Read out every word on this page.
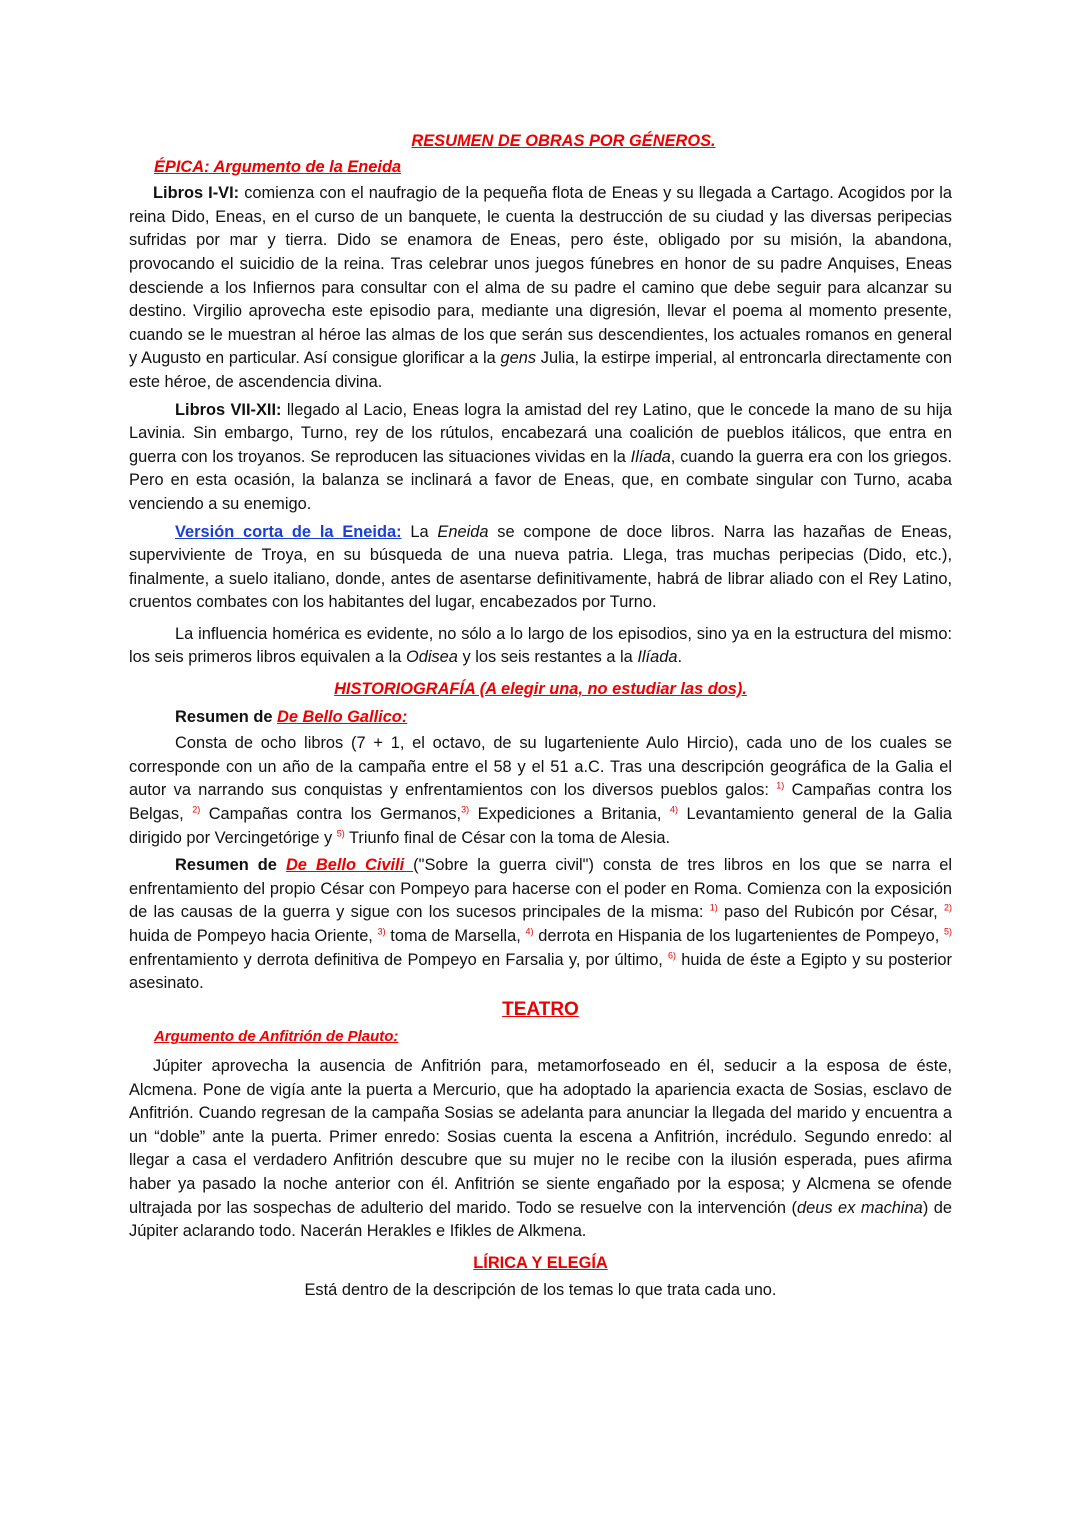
RESUMEN DE OBRAS POR GÉNEROS.

ÉPICA: Argumento de la Eneida

Libros I-VI: comienza con el naufragio de la pequeña flota de Eneas y su llegada a Cartago. Acogidos por la reina Dido, Eneas, en el curso de un banquete, le cuenta la destrucción de su ciudad y las diversas peripecias sufridas por mar y tierra. Dido se enamora de Eneas, pero éste, obligado por su misión, la abandona, provocando el suicidio de la reina. Tras celebrar unos juegos fúnebres en honor de su padre Anquises, Eneas desciende a los Infiernos para consultar con el alma de su padre el camino que debe seguir para alcanzar su destino. Virgilio aprovecha este episodio para, mediante una digresión, llevar el poema al momento presente, cuando se le muestran al héroe las almas de los que serán sus descendientes, los actuales romanos en general y Augusto en particular. Así consigue glorificar a la gens Julia, la estirpe imperial, al entroncarla directamente con este héroe, de ascendencia divina.

Libros VII-XII: llegado al Lacio, Eneas logra la amistad del rey Latino, que le concede la mano de su hija Lavinia. Sin embargo, Turno, rey de los rútulos, encabezará una coalición de pueblos itálicos, que entra en guerra con los troyanos. Se reproducen las situaciones vividas en la Ilíada, cuando la guerra era con los griegos. Pero en esta ocasión, la balanza se inclinará a favor de Eneas, que, en combate singular con Turno, acaba venciendo a su enemigo.

Versión corta de la Eneida: La Eneida se compone de doce libros. Narra las hazañas de Eneas, superviviente de Troya, en su búsqueda de una nueva patria. Llega, tras muchas peripecias (Dido, etc.), finalmente, a suelo italiano, donde, antes de asentarse definitivamente, habrá de librar aliado con el Rey Latino, cruentos combates con los habitantes del lugar, encabezados por Turno.

La influencia homérica es evidente, no sólo a lo largo de los episodios, sino ya en la estructura del mismo: los seis primeros libros equivalen a la Odisea y los seis restantes a la Ilíada.

HISTORIOGRAFÍA (A elegir una, no estudiar las dos).

Resumen de De Bello Gallico:

Consta de ocho libros (7 + 1, el octavo, de su lugarteniente Aulo Hircio), cada uno de los cuales se corresponde con un año de la campaña entre el 58 y el 51 a.C. Tras una descripción geográfica de la Galia el autor va narrando sus conquistas y enfrentamientos con los diversos pueblos galos: $^{1)}$ Campañas contra los Belgas, $^{2)}$ Campañas contra los Germanos,$^{3)}$ Expediciones a Britania, $^{4)}$ Levantamiento general de la Galia dirigido por Vercingetórige y $^{5)}$ Triunfo final de César con la toma de Alesia.

Resumen de De Bello Civili ("Sobre la guerra civil") consta de tres libros en los que se narra el enfrentamiento del propio César con Pompeyo para hacerse con el poder en Roma. Comienza con la exposición de las causas de la guerra y sigue con los sucesos principales de la misma: $^{1)}$ paso del Rubicón por César, $^{2)}$ huida de Pompeyo hacia Oriente, $^{3)}$ toma de Marsella, $^{4)}$ derrota en Hispania de los lugartenientes de Pompeyo, $^{5)}$ enfrentamiento y derrota definitiva de Pompeyo en Farsalia y, por último, $^{6)}$ huida de éste a Egipto y su posterior asesinato.

TEATRO

Argumento de Anfitrión de Plauto:

Júpiter aprovecha la ausencia de Anfitrión para, metamorfoseado en él, seducir a la esposa de éste, Alcmena. Pone de vigía ante la puerta a Mercurio, que ha adoptado la apariencia exacta de Sosias, esclavo de Anfitrión. Cuando regresan de la campaña Sosias se adelanta para anunciar la llegada del marido y encuentra a un “doble” ante la puerta. Primer enredo: Sosias cuenta la escena a Anfitrión, incrédulo. Segundo enredo: al llegar a casa el verdadero Anfitrión descubre que su mujer no le recibe con la ilusión esperada, pues afirma haber ya pasado la noche anterior con él. Anfitrión se siente engañado por la esposa; y Alcmena se ofende ultrajada por las sospechas de adulterio del marido. Todo se resuelve con la intervención (deus ex machina) de Júpiter aclarando todo. Nacerán Herakles e Ifikles de Alkmena.

LÍRICA Y ELEGÍA

Está dentro de la descripción de los temas lo que trata cada uno.
